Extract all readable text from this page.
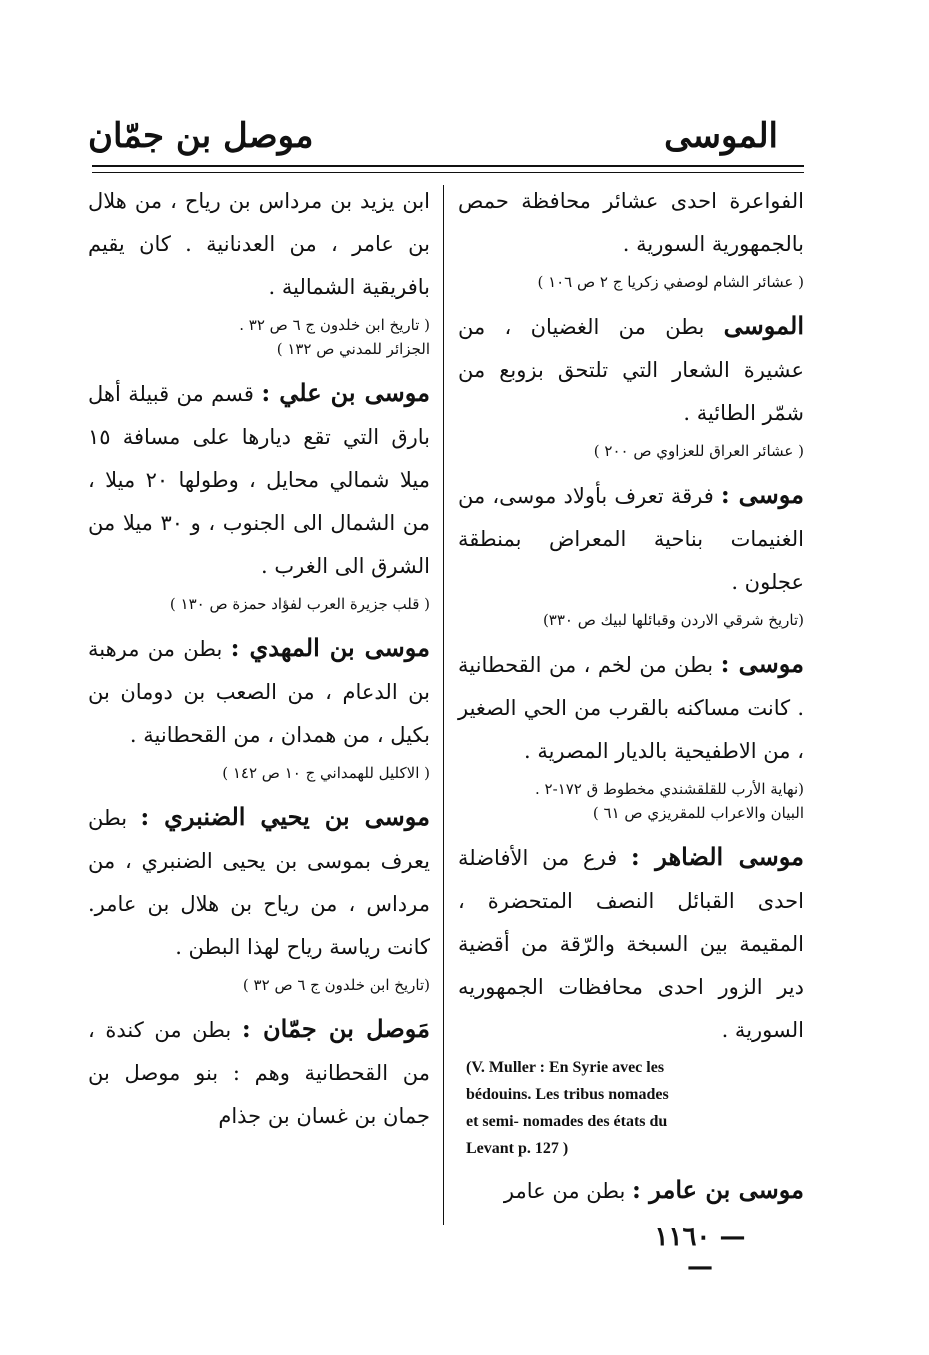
الموسى
موصل بن جمّان

الفواعرة احدى عشائر محافظة حمص بالجمهورية السورية .

( عشائر الشام لوصفي زكريا ج ٢ ص ١٠٦ )

الموسى بطن من الغضيان ، من عشيرة الشعار التي تلتحق بزوبع من شمّر الطائية .

( عشائر العراق للعزاوي ص ٢٠٠ )

موسى : فرقة تعرف بأولاد موسى، من الغنيمات بناحية المعراض بمنطقة عجلون .

(تاريخ شرقي الاردن وقبائلها لبيك ص ٣٣٠)

موسى : بطن من لخم ، من القحطانية . كانت مساكنه بالقرب من الحي الصغير ، من الاطفيحية بالديار المصرية .

(نهاية الأرب للقلقشندي مخطوط ق ١٧٢-٢ .

البيان والاعراب للمقريزي ص ٦١ )

موسى الضاهر : فرع من الأفاضلة احدى القبائل النصف المتحضرة ، المقيمة بين السبخة والرّقة من أقضية دير الزور احدى محافظات الجمهوريه السورية .

(V. Muller : En Syrie avec les
bédouins. Les tribus nomades
et semi- nomades des états du
Levant p. 127 )

موسى بن عامر : بطن من عامر

ابن يزيد بن مرداس بن رياح ، من هلال بن عامر ، من العدنانية . كان يقيم بافريقية الشمالية .

( تاريخ ابن خلدون ج ٦ ص ٣٢ .

الجزائر للمدني ص ١٣٢ )

موسى بن علي : قسم من قبيلة أهل بارق التي تقع ديارها على مسافة ١٥ ميلا شمالي محايل ، وطولها ٢٠ ميلا ، من الشمال الى الجنوب ، و ٣٠ ميلا من الشرق الى الغرب .

( قلب جزيرة العرب لفؤاد حمزة ص ١٣٠ )

موسى بن المهدي : بطن من مرهبة بن الدعام ، من الصعب بن دومان بن بكيل ، من همدان ، من القحطانية .

( الاكليل للهمداني ج ١٠ ص ١٤٢ )

موسى بن يحيي الضنبري : بطن يعرف بموسى بن يحيى الضنبري ، من مرداس ، من رياح بن هلال بن عامر. كانت رياسة رياح لهذا البطن .

(تاريخ ابن خلدون ج ٦ ص ٣٢ )

مَوصل بن جمّان : بطن من كندة ، من القحطانية وهم : بنو موصل بن جمان بن غسان بن جذام

— ١١٦٠ —
